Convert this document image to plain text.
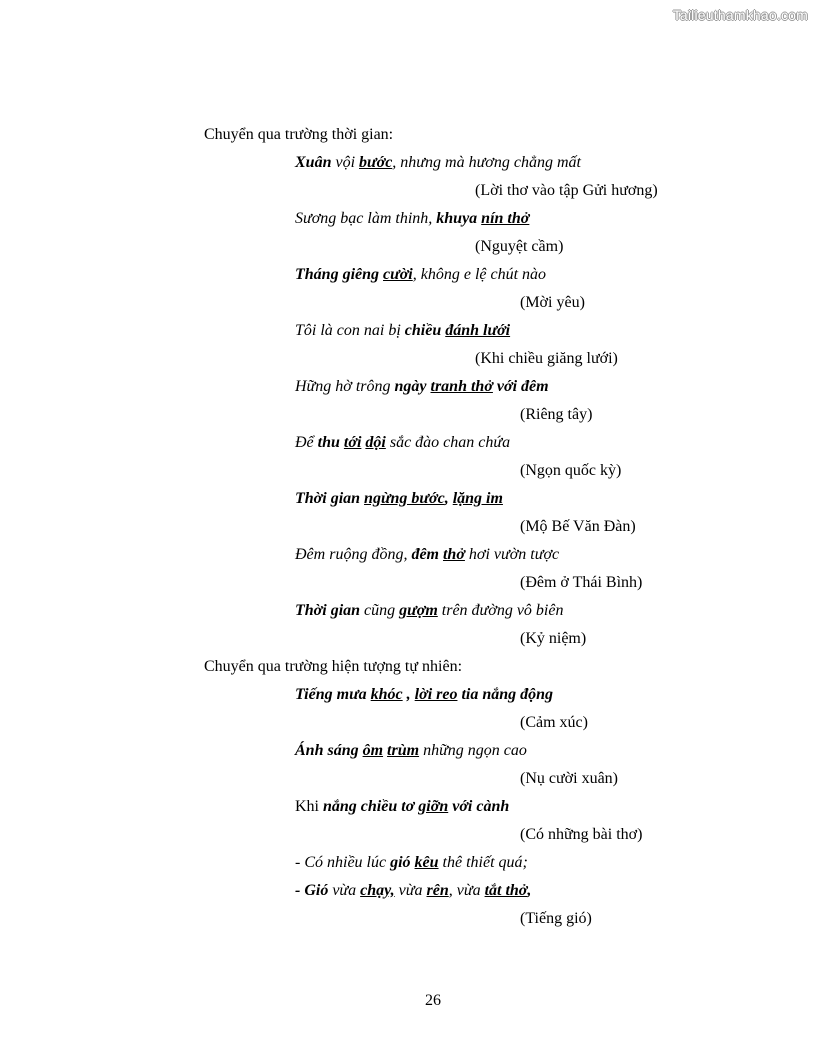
Tailieuthamkhao.com
Chuyển qua trường thời gian:
Xuân vội bước, nhưng mà hương chẳng mất
(Lời thơ vào tập Gửi hương)
Sương bạc làm thinh, khuya nín thở
(Nguyệt cầm)
Tháng giêng cười, không e lệ chút nào
(Mời yêu)
Tôi là con nai bị chiều đánh lưới
(Khi chiều giăng lưới)
Hững hờ trông ngày tranh thở với đêm
(Riêng tây)
Để thu tới dội sắc đào chan chứa
(Ngọn quốc kỳ)
Thời gian ngừng bước, lặng im
(Mộ Bế Văn Đàn)
Đêm ruộng đồng, đêm thở hơi vườn tược
(Đêm ở Thái Bình)
Thời gian cũng gượm trên đường vô biên
(Kỷ niệm)
Chuyển qua trường hiện tượng tự nhiên:
Tiếng mưa khóc , lời reo tia nắng động
(Cảm xúc)
Ánh sáng ôm trùm những ngọn cao
(Nụ cười xuân)
Khi nắng chiều tơ giỡn với cành
(Có những bài thơ)
- Có nhiều lúc gió kêu thê thiết quá;
- Gió vừa chạy, vừa rên, vừa tắt thở,
(Tiếng gió)
26
